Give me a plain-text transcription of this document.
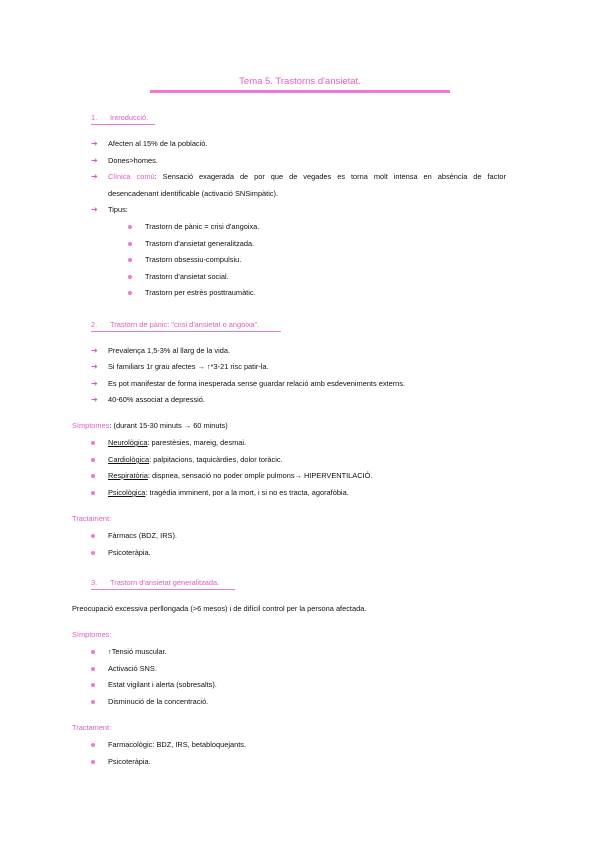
Tema 5. Trastorns d'ansietat.
1. Introducció.
➔ Afecten al 15% de la població.
➔ Dones>homes.
➔ Clínica comú: Sensació exagerada de por que de vegades es torna molt intensa en absència de factor
desencadenant identificable (activació SNSimpàtic).
➔ Tipus:
Trastorn de pànic = crisi d'angoixa.
Trastorn d'ansietat generalitzada.
Trastorn obsessiu-compulsiu.
Trastorn d'ansietat social.
Trastorn per estrès posttraumàtic.
2. Trastorn de pànic: "crisi d'ansietat o angoixa".
➔ Prevalença 1,5-3% al llarg de la vida.
➔ Si familiars 1r grau afectes → ↑*3-21 risc patir-la.
➔ Es pot manifestar de forma inesperada sense guardar relació amb esdeveniments externs.
➔ 40-60% associat a depressió.
Símptomes: (durant 15-30 minuts → 60 minuts)
Neurològica: parestèsies, mareig, desmai.
Cardiològica: palpitacions, taquicàrdies, dolor toràcic.
Respiratòria: dispnea, sensació no poder omplir pulmons→ HIPERVENTILACIÓ.
Psicològica: tragèdia imminent, por a la mort, i si no es tracta, agorafòbia.
Tractament:
Fàrmacs (BDZ, IRS).
Psicoteràpia.
3. Trastorn d'ansietat generalitzada.
Preocupació excessiva perllongada (>6 mesos) i de difícil control per la persona afectada.
Símptomes:
↑Tensió muscular.
Activació SNS.
Estat vigilant i alerta (sobresalts).
Disminució de la concentració.
Tractament:
Farmacològic: BDZ, IRS, betabloquejants.
Psicoteràpia.
